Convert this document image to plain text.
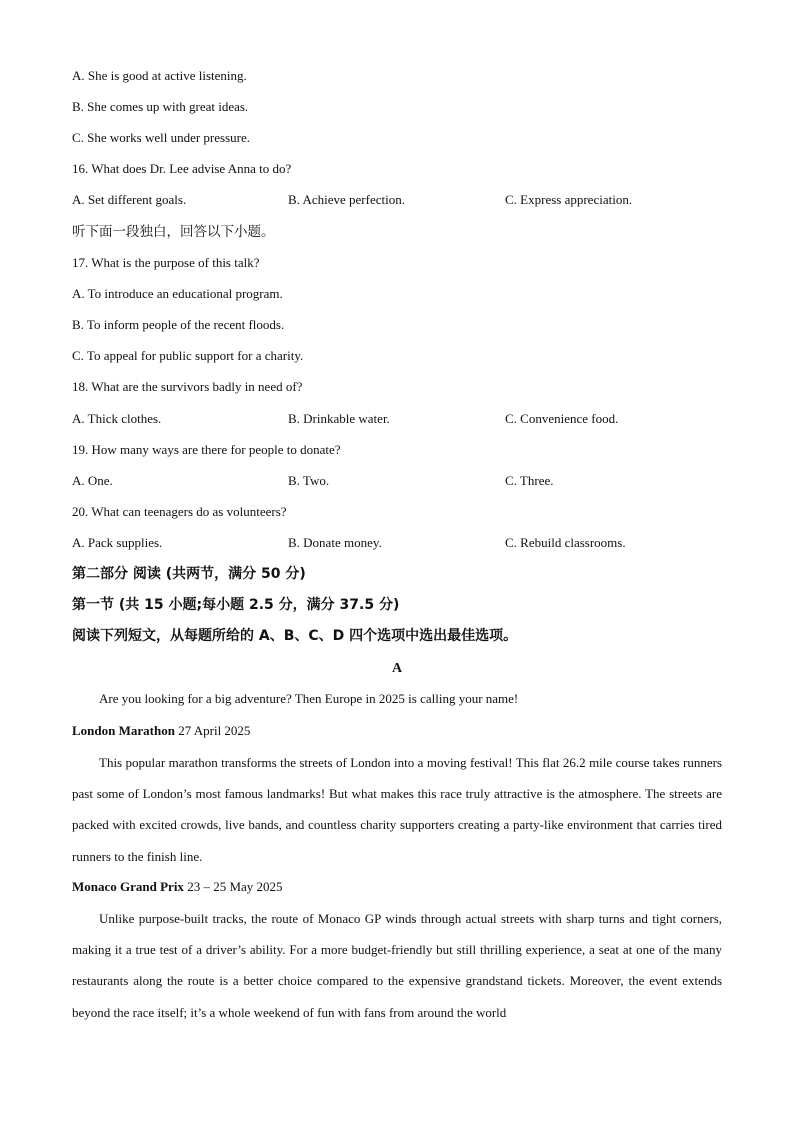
A. She is good at active listening.
B. She comes up with great ideas.
C. She works well under pressure.
16. What does Dr. Lee advise Anna to do?
A. Set different goals.	B. Achieve perfection.	C. Express appreciation.
听下面一段独白，回答以下小题。
17. What is the purpose of this talk?
A. To introduce an educational program.
B. To inform people of the recent floods.
C. To appeal for public support for a charity.
18. What are the survivors badly in need of?
A. Thick clothes.	B. Drinkable water.	C. Convenience food.
19. How many ways are there for people to donate?
A. One.	B. Two.	C. Three.
20. What can teenagers do as volunteers?
A. Pack supplies.	B. Donate money.	C. Rebuild classrooms.
第二部分 阅读 (共两节，满分 50 分)
第一节 (共 15 小题;每小题 2.5 分，满分 37.5 分)
阅读下列短文，从每题所给的 A、B、C、D 四个选项中选出最佳选项。
A
Are you looking for a big adventure? Then Europe in 2025 is calling your name!
London Marathon 27 April 2025
This popular marathon transforms the streets of London into a moving festival! This flat 26.2 mile course takes runners past some of London’s most famous landmarks! But what makes this race truly attractive is the atmosphere. The streets are packed with excited crowds, live bands, and countless charity supporters creating a party-like environment that carries tired runners to the finish line.
Monaco Grand Prix 23 – 25 May 2025
Unlike purpose-built tracks, the route of Monaco GP winds through actual streets with sharp turns and tight corners, making it a true test of a driver’s ability. For a more budget-friendly but still thrilling experience, a seat at one of the many restaurants along the route is a better choice compared to the expensive grandstand tickets. Moreover, the event extends beyond the race itself; it’s a whole weekend of fun with fans from around the world
